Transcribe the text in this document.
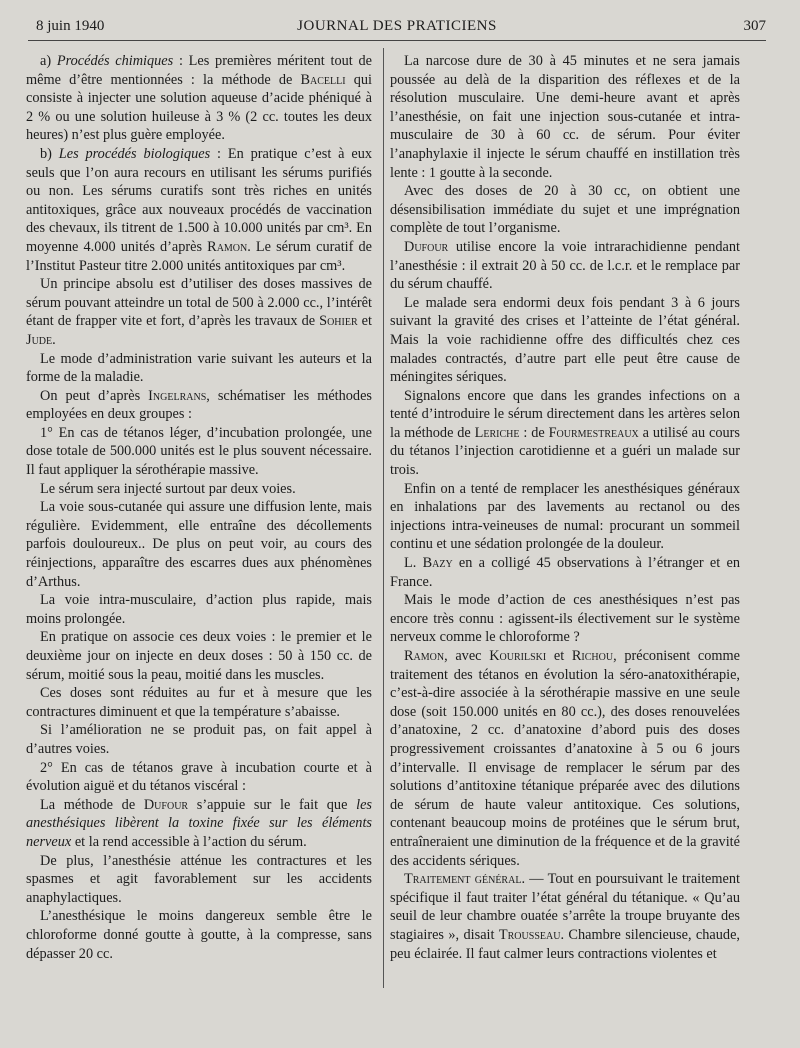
8 juin 1940	JOURNAL DES PRATICIENS	307

a) Procédés chimiques : Les premières méritent tout de même d’être mentionnées : la méthode de Bacelli qui consiste à injecter une solution aqueuse d’acide phéniqué à 2 % ou une solution huileuse à 3 % (2 cc. toutes les deux heures) n’est plus guère employée.

b) Les procédés biologiques : En pratique c’est à eux seuls que l’on aura recours en utilisant les sérums purifiés ou non. Les sérums curatifs sont très riches en unités antitoxiques, grâce aux nouveaux procédés de vaccination des chevaux, ils titrent de 1.500 à 10.000 unités par cm³. En moyenne 4.000 unités d’après Ramon. Le sérum curatif de l’Institut Pasteur titre 2.000 unités antitoxiques par cm³.

Un principe absolu est d’utiliser des doses massives de sérum pouvant atteindre un total de 500 à 2.000 cc., l’intérêt étant de frapper vite et fort, d’après les travaux de Sohier et Jude.

Le mode d’administration varie suivant les auteurs et la forme de la maladie.

On peut d’après Ingelrans, schématiser les méthodes employées en deux groupes :

1° En cas de tétanos léger, d’incubation prolongée, une dose totale de 500.000 unités est le plus souvent nécessaire. Il faut appliquer la sérothérapie massive.

Le sérum sera injecté surtout par deux voies.

La voie sous-cutanée qui assure une diffusion lente, mais régulière. Evidemment, elle entraîne des décollements parfois douloureux.. De plus on peut voir, au cours des réinjections, apparaître des escarres dues aux phénomènes d’Arthus.

La voie intra-musculaire, d’action plus rapide, mais moins prolongée.

En pratique on associe ces deux voies : le premier et le deuxième jour on injecte en deux doses : 50 à 150 cc. de sérum, moitié sous la peau, moitié dans les muscles.

Ces doses sont réduites au fur et à mesure que les contractures diminuent et que la température s’abaisse.

Si l’amélioration ne se produit pas, on fait appel à d’autres voies.

2° En cas de tétanos grave à incubation courte et à évolution aiguë et du tétanos viscéral :

La méthode de Dufour s’appuie sur le fait que les anesthésiques libèrent la toxine fixée sur les éléments nerveux et la rend accessible à l’action du sérum.

De plus, l’anesthésie atténue les contractures et les spasmes et agit favorablement sur les accidents anaphylactiques.

L’anesthésique le moins dangereux semble être le chloroforme donné goutte à goutte, à la compresse, sans dépasser 20 cc.

La narcose dure de 30 à 45 minutes et ne sera jamais poussée au delà de la disparition des réflexes et de la résolution musculaire. Une demi-heure avant et après l’anesthésie, on fait une injection sous-cutanée et intra-musculaire de 30 à 60 cc. de sérum. Pour éviter l’anaphylaxie il injecte le sérum chauffé en instillation très lente : 1 goutte à la seconde.

Avec des doses de 20 à 30 cc, on obtient une désensibilisation immédiate du sujet et une imprégnation complète de tout l’organisme.

Dufour utilise encore la voie intrarachidienne pendant l’anesthésie : il extrait 20 à 50 cc. de l.c.r. et le remplace par du sérum chauffé.

Le malade sera endormi deux fois pendant 3 à 6 jours suivant la gravité des crises et l’atteinte de l’état général. Mais la voie rachidienne offre des difficultés chez ces malades contractés, d’autre part elle peut être cause de méningites sériques.

Signalons encore que dans les grandes infections on a tenté d’introduire le sérum directement dans les artères selon la méthode de Leriche : de Fourmestreaux a utilisé au cours du tétanos l’injection carotidienne et a guéri un malade sur trois.

Enfin on a tenté de remplacer les anesthésiques généraux en inhalations par des lavements au rectanol ou des injections intra-veineuses de numal: procurant un sommeil continu et une sédation prolongée de la douleur.

L. Bazy en a colligé 45 observations à l’étranger et en France.

Mais le mode d’action de ces anesthésiques n’est pas encore très connu : agissent-ils électivement sur le système nerveux comme le chloroforme ?

Ramon, avec Kourilski et Richou, préconisent comme traitement des tétanos en évolution la séro-anatoxithérapie, c’est-à-dire associée à la sérothérapie massive en une seule dose (soit 150.000 unités en 80 cc.), des doses renouvelées d’anatoxine, 2 cc. d’anatoxine d’abord puis des doses progressivement croissantes d’anatoxine à 5 ou 6 jours d’intervalle. Il envisage de remplacer le sérum par des solutions d’antitoxine tétanique préparée avec des dilutions de sérum de haute valeur antitoxique. Ces solutions, contenant beaucoup moins de protéines que le sérum brut, entraîneraient une diminution de la fréquence et de la gravité des accidents sériques.

Traitement général. — Tout en poursuivant le traitement spécifique il faut traiter l’état général du tétanique. « Qu’au seuil de leur chambre ouatée s’arrête la troupe bruyante des stagiaires », disait Trousseau. Chambre silencieuse, chaude, peu éclairée. Il faut calmer leurs contractions violentes et
